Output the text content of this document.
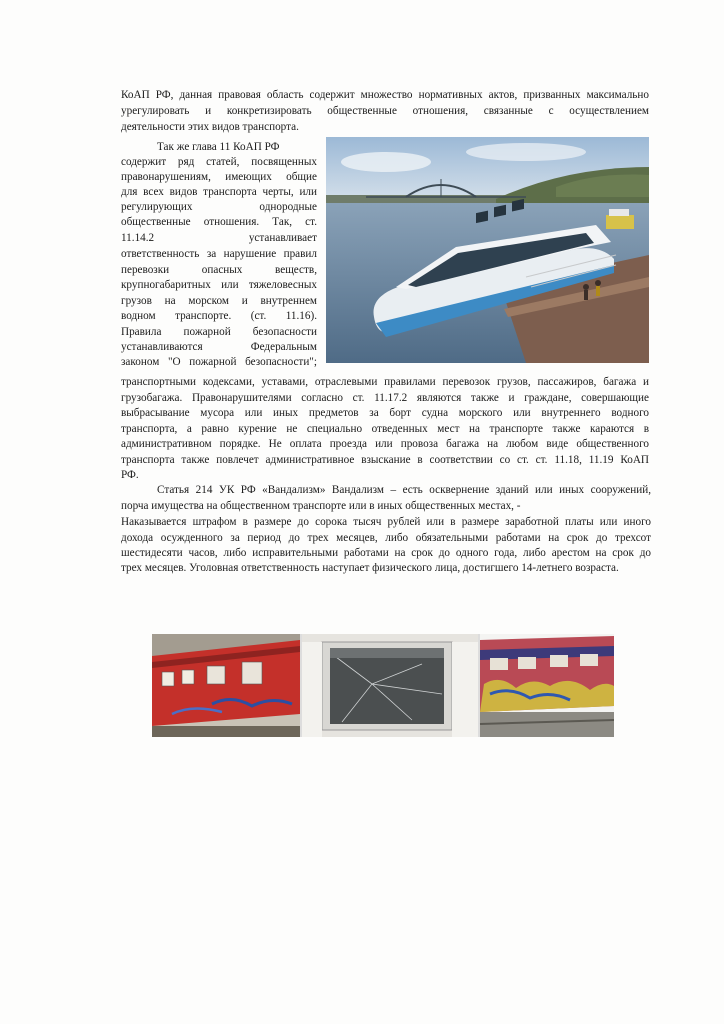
КоАП РФ, данная правовая область содержит множество нормативных актов, призванных максимально
урегулировать и конкретизировать общественные отношения, связанные с осуществлением
деятельности этих видов транспорта.
Так же глава 11 КоАП РФ
содержит ряд статей, посвященных
правонарушениям, имеющих общие
для всех видов транспорта черты, или
регулирующих однородные
общественные отношения. Так, ст.
11.14.2 устанавливает
ответственность за нарушение правил
перевозки опасных веществ,
крупногабаритных или тяжеловесных
грузов на морском и внутреннем
водном транспорте. (ст. 11.16).
Правила пожарной безопасности
устанавливаются Федеральным
законом "О пожарной безопасности";
транспортными кодексами, уставами, отраслевыми правилами перевозок грузов, пассажиров, багажа и
грузобагажа. Правонарушителями согласно ст. 11.17.2 являются также и граждане, совершающие
выбрасывание мусора или иных предметов за борт судна морского или внутреннего водного
транспорта, а равно курение не специально отведенных мест на транспорте также караются в
административном порядке. Не оплата проезда или провоза багажа на любом виде общественного
транспорта также повлечет административное взыскание в соответствии со ст. ст. 11.18, 11.19 КоАП
РФ.
Статья 214 УК РФ «Вандализм» Вандализм – есть осквернение зданий или иных сооружений,
порча имущества на общественном транспорте или в иных общественных местах, -
Наказывается штрафом в размере до сорока тысяч рублей или в размере заработной платы или иного
дохода осужденного за период до трех месяцев, либо обязательными работами на срок до трехсот
шестидесяти часов, либо исправительными работами на срок до одного года, либо арестом на срок до
трех месяцев. Уголовная ответственность наступает физического лица, достигшего 14-летнего возраста.
